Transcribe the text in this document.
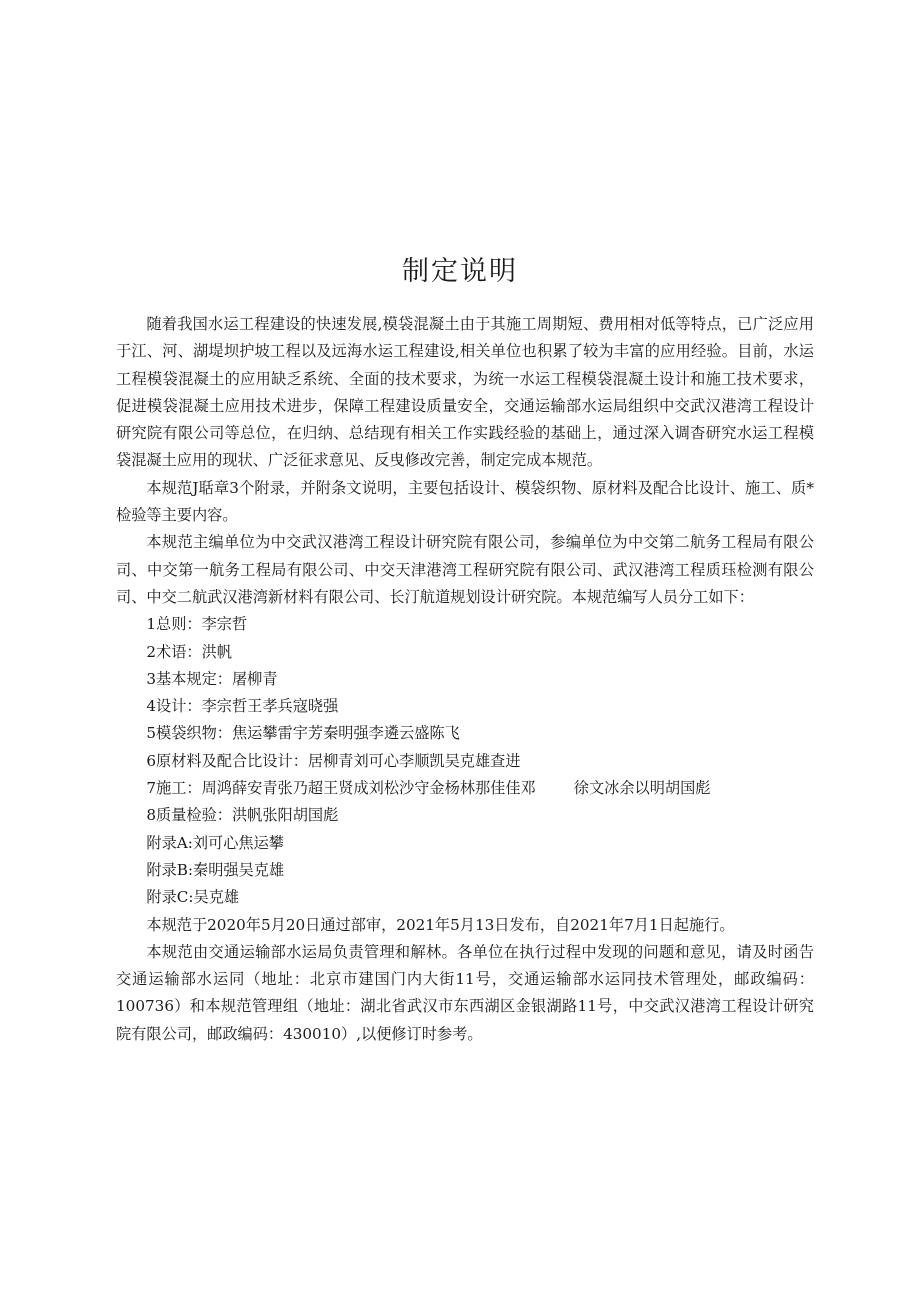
制定说明

随着我国水运工程建设的快速发展,模袋混凝土由于其施工周期短、费用相对低等特点，已广泛应用于江、河、湖堤坝护坡工程以及远海水运工程建设,相关单位也积累了较为丰富的应用经验。目前，水运工程模袋混凝土的应用缺乏系统、全面的技术要求，为统一水运工程模袋混凝土设计和施工技术要求，促进模袋混凝土应用技术进步，保障工程建设质量安全，交通运输部水运局组织中交武汉港湾工程设计研究院有限公司等总位，在归纳、总结现有相关工作实践经验的基础上，通过深入调杳研究水运工程模袋混凝土应用的现状、广泛征求意见、反曳修改完善，制定完成本规范。

本规范J聒章3个附录，并附条文说明，主要包括设计、模袋织物、原材料及配合比设计、施工、质*检验等主要内容。

本规范主编单位为中交武汉港湾工程设计研究院有限公司，参编单位为中交第二航务工程局有限公司、中交第一航务工程局有限公司、中交天津港湾工程研究院有限公司、武汉港湾工程质珏检测有限公司、中交二航武汉港湾新材料有限公司、长汀航道规划设计研究院。本规范编写人员分工如下：

1总则：李宗哲

2术语：洪帆

3基本规定：屠柳青

4设计：李宗哲王孝兵寇晓强

5模袋织物：焦运攀雷宇芳秦明强李遴云盛陈飞

6原材料及配合比设计：居柳青刘可心李顺凯吴克雄查进

7施工：周鸿薛安青张乃超王贤成刘松沙守金杨林那佳佳邓	徐文冰余以明胡国彪

8质量检验：洪帆张阳胡国彪

附录A:刘可心焦运攀

附录B:秦明强吴克雄

附录C:吴克雄

本规范于2020年5月20日通过部审，2021年5月13日发布，自2021年7月1日起施行。

本规范由交通运输部水运局负责管理和解林。各单位在执行过程中发现的问题和意见，请及时函告交通运输部水运同（地址：北京市建国门内大街11号，交通运输部水运同技术管理处，邮政编码：100736）和本规范管理组（地址：湖北省武汉市东西湖区金银湖路11号，中交武汉港湾工程设计研究院有限公司，邮政编码：430010）,以便修订时参考。
